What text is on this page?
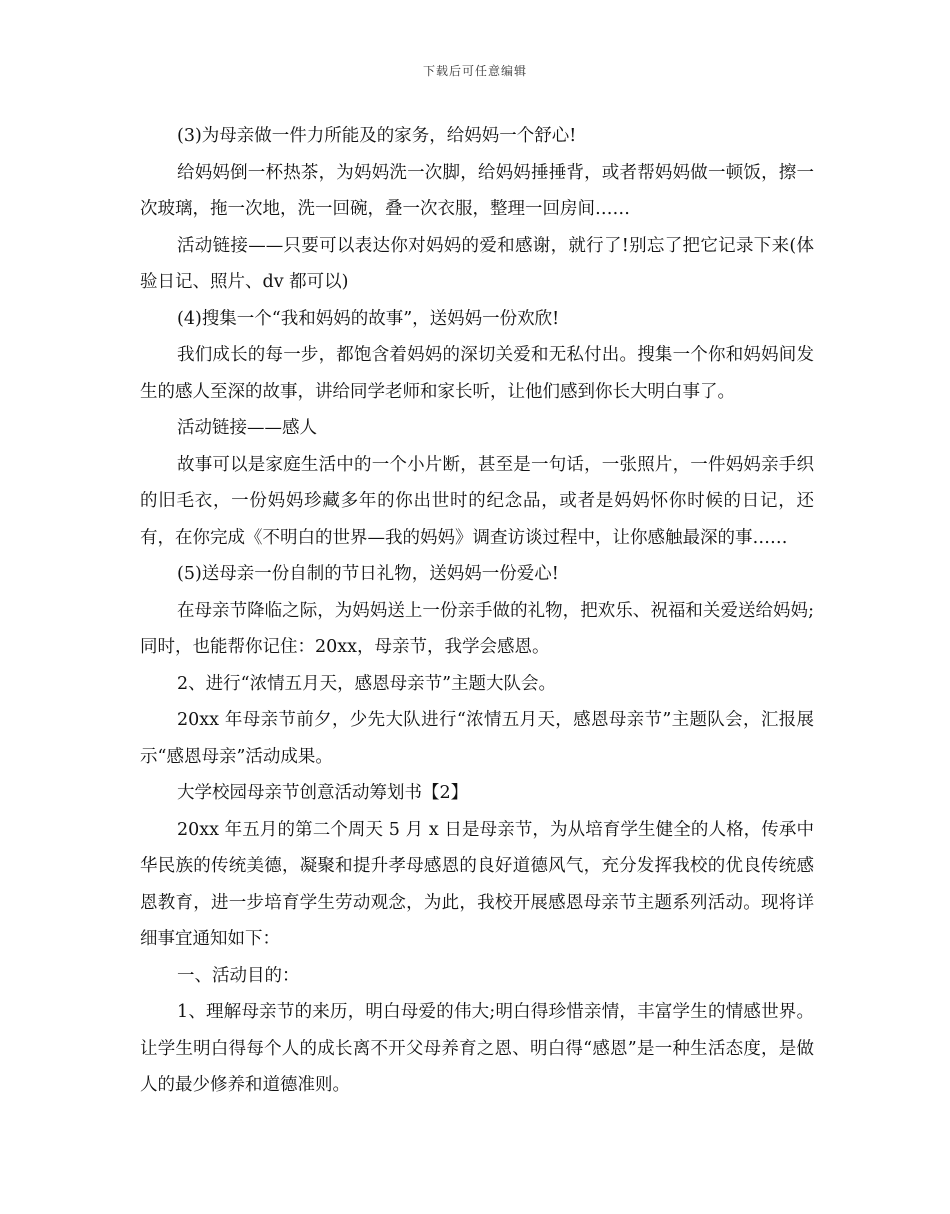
下载后可任意编辑

(3)为母亲做一件力所能及的家务，给妈妈一个舒心!

给妈妈倒一杯热茶，为妈妈洗一次脚，给妈妈捶捶背，或者帮妈妈做一顿饭，擦一次玻璃，拖一次地，洗一回碗，叠一次衣服，整理一回房间……

活动链接——只要可以表达你对妈妈的爱和感谢，就行了!别忘了把它记录下来(体验日记、照片、dv 都可以)

(4)搜集一个“我和妈妈的故事”，送妈妈一份欢欣!

我们成长的每一步，都饱含着妈妈的深切关爱和无私付出。搜集一个你和妈妈间发生的感人至深的故事，讲给同学老师和家长听，让他们感到你长大明白事了。

活动链接——感人

故事可以是家庭生活中的一个小片断，甚至是一句话，一张照片，一件妈妈亲手织的旧毛衣，一份妈妈珍藏多年的你出世时的纪念品，或者是妈妈怀你时候的日记，还有，在你完成《不明白的世界—我的妈妈》调查访谈过程中，让你感触最深的事……

(5)送母亲一份自制的节日礼物，送妈妈一份爱心!

在母亲节降临之际，为妈妈送上一份亲手做的礼物，把欢乐、祝福和关爱送给妈妈;同时，也能帮你记住：20xx，母亲节，我学会感恩。

2、进行“浓情五月天，感恩母亲节”主题大队会。

20xx 年母亲节前夕，少先大队进行“浓情五月天，感恩母亲节”主题队会，汇报展示“感恩母亲”活动成果。

大学校园母亲节创意活动筹划书【2】

20xx 年五月的第二个周天 5 月 x 日是母亲节，为从培育学生健全的人格，传承中华民族的传统美德，凝聚和提升孝母感恩的良好道德风气，充分发挥我校的优良传统感恩教育，进一步培育学生劳动观念，为此，我校开展感恩母亲节主题系列活动。现将详细事宜通知如下：

一、活动目的：

1、理解母亲节的来历，明白母爱的伟大;明白得珍惜亲情，丰富学生的情感世界。让学生明白得每个人的成长离不开父母养育之恩、明白得“感恩”是一种生活态度，是做人的最少修养和道德准则。
